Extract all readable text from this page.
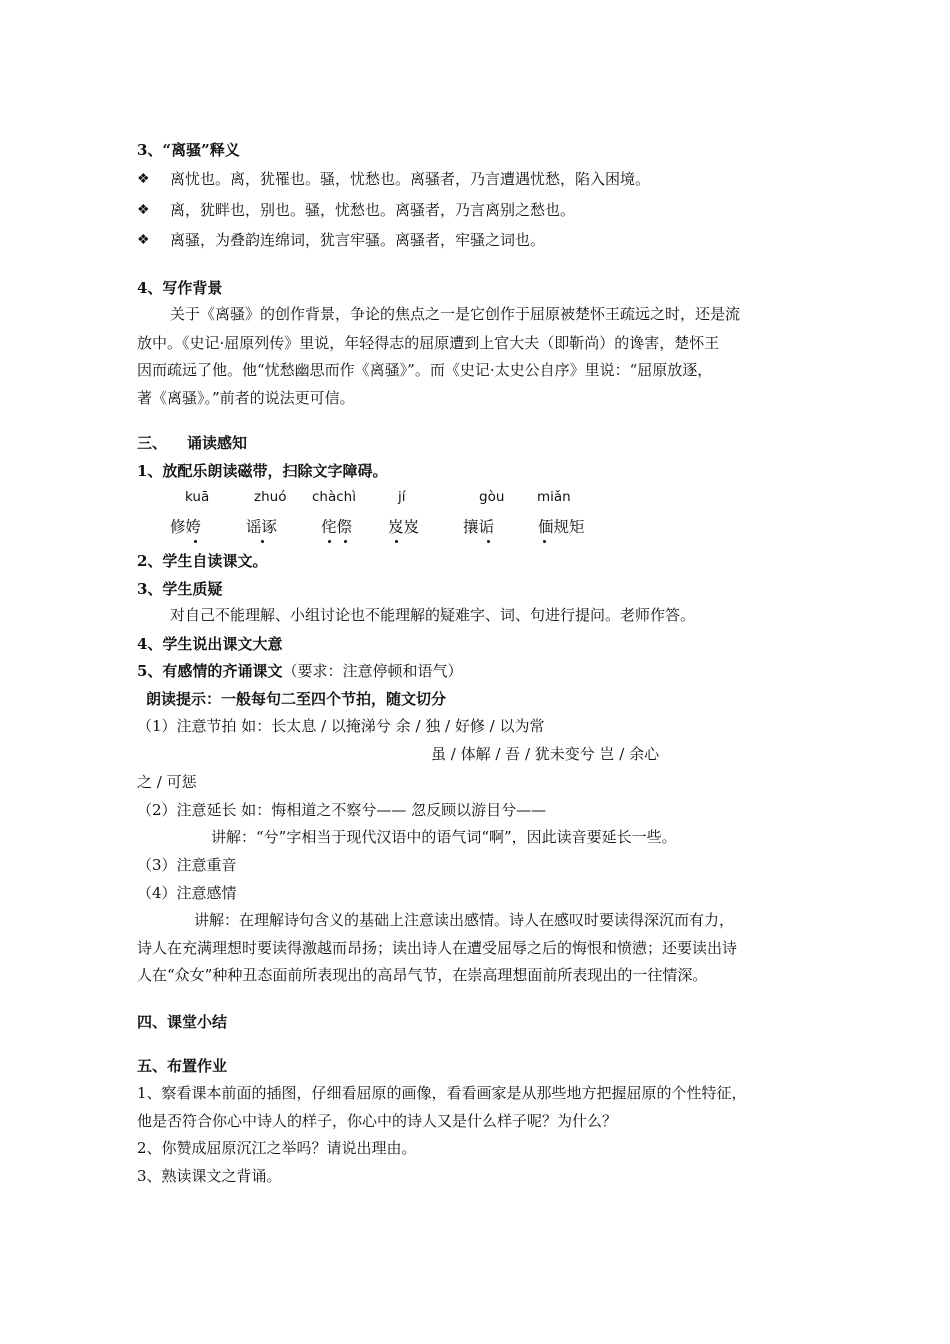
3、“离骚”释义
❖ 离忧也。离，犹罹也。骚，忧愁也。离骚者，乃言遭遇忧愁，陷入困境。
❖ 离，犹畔也，别也。骚，忧愁也。离骚者，乃言离别之愁也。
❖ 离骚，为叠韵连绵词，犹言牢骚。离骚者，牢骚之词也。
4、写作背景
关于《离骚》的创作背景，争论的焦点之一是它创作于屈原被楚怀王疏远之时，还是流
放中。《史记·屈原列传》里说，年轻得志的屈原遭到上官大夫（即靳尚）的谗害，楚怀王
因而疏远了他。他“忧愁幽思而作《离骚》”。而《史记·太史公自序》里说：“屈原放逐，
著《离骚》。”前者的说法更可信。
三、 诵读感知
1、放配乐朗读磁带，扫除文字障碍。
kuā	zhuó chàchì	jí	gòu miǎn
修姱	谣诼	侘傺 岌岌	攘诟	偭规矩
2、学生自读课文。
3、学生质疑
对自己不能理解、小组讨论也不能理解的疑难字、词、句进行提问。老师作答。
4、学生说出课文大意
5、有感情的齐诵课文（要求：注意停顿和语气）
朗读提示：一般每句二至四个节拍，随文切分
（1）注意节拍 如：长太息 / 以掩涕兮 余 / 独 / 好修 / 以为常
虽 / 体解 / 吾 / 犹未变兮 岂 / 余心
之 / 可惩
（2）注意延长 如：悔相道之不察兮—— 忽反顾以游目兮——
讲解：“兮”字相当于现代汉语中的语气词“啊”，因此读音要延长一些。
（3）注意重音
（4）注意感情
讲解：在理解诗句含义的基础上注意读出感情。诗人在感叹时要读得深沉而有力，
诗人在充满理想时要读得激越而昂扬；读出诗人在遭受屈辱之后的悔恨和愤懑；还要读出诗
人在“众女”种种丑态面前所表现出的高昂气节，在崇高理想面前所表现出的一往情深。
四、课堂小结
五、布置作业
1、察看课本前面的插图，仔细看屈原的画像，看看画家是从那些地方把握屈原的个性特征，
他是否符合你心中诗人的样子，你心中的诗人又是什么样子呢？为什么？
2、你赞成屈原沉江之举吗？请说出理由。
3、熟读课文之背诵。
